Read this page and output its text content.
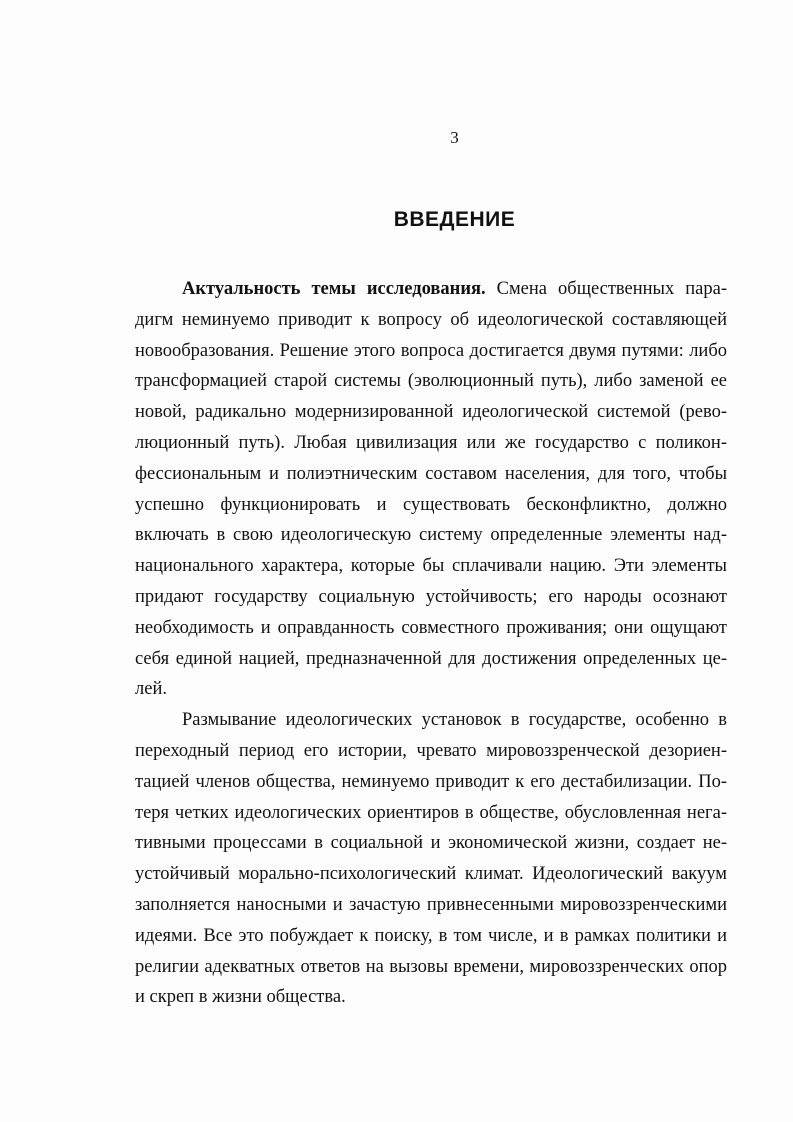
3
ВВЕДЕНИЕ
Актуальность темы исследования. Смена общественных пара-
дигм неминуемо приводит к вопросу об идеологической составляющей
новообразования. Решение этого вопроса достигается двумя путями: либо
трансформацией старой системы (эволюционный путь), либо заменой ее
новой, радикально модернизированной идеологической системой (рево-
люционный путь). Любая цивилизация или же государство с поликон-
фессиональным и полиэтническим составом населения, для того, чтобы
успешно функционировать и существовать бесконфликтно, должно
включать в свою идеологическую систему определенные элементы над-
национального характера, которые бы сплачивали нацию. Эти элементы
придают государству социальную устойчивость; его народы осознают
необходимость и оправданность совместного проживания; они ощущают
себя единой нацией, предназначенной для достижения определенных це-
лей.
Размывание идеологических установок в государстве, особенно в
переходный период его истории, чревато мировоззренческой дезориен-
тацией членов общества, неминуемо приводит к его дестабилизации. По-
теря четких идеологических ориентиров в обществе, обусловленная нега-
тивными процессами в социальной и экономической жизни, создает не-
устойчивый морально-психологический климат. Идеологический вакуум
заполняется наносными и зачастую привнесенными мировоззренческими
идеями. Все это побуждает к поиску, в том числе, и в рамках политики и
религии адекватных ответов на вызовы времени, мировоззренческих опор
и скреп в жизни общества.
